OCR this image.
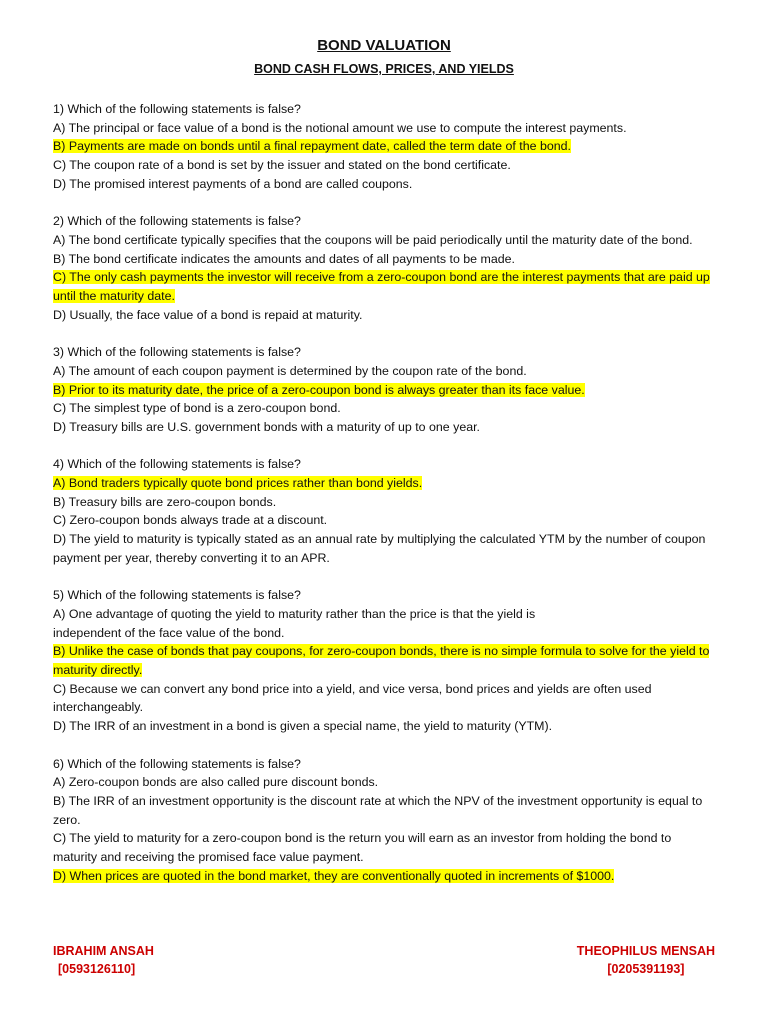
BOND VALUATION
BOND CASH FLOWS, PRICES, AND YIELDS

1) Which of the following statements is false?

A) The principal or face value of a bond is the notional amount we use to compute the interest payments.

B) Payments are made on bonds until a final repayment date, called the term date of the bond.

C) The coupon rate of a bond is set by the issuer and stated on the bond certificate.

D) The promised interest payments of a bond are called coupons.

2) Which of the following statements is false?

A) The bond certificate typically specifies that the coupons will be paid periodically until the maturity date of the bond.

B) The bond certificate indicates the amounts and dates of all payments to be made.

C) The only cash payments the investor will receive from a zero-coupon bond are the interest payments that are paid up until the maturity date.

D) Usually, the face value of a bond is repaid at maturity.

3) Which of the following statements is false?

A) The amount of each coupon payment is determined by the coupon rate of the bond.

B) Prior to its maturity date, the price of a zero-coupon bond is always greater than its face value.

C) The simplest type of bond is a zero-coupon bond.

D) Treasury bills are U.S. government bonds with a maturity of up to one year.

4) Which of the following statements is false?

A) Bond traders typically quote bond prices rather than bond yields.

B) Treasury bills are zero-coupon bonds.

C) Zero-coupon bonds always trade at a discount.

D) The yield to maturity is typically stated as an annual rate by multiplying the calculated YTM by the number of coupon payment per year, thereby converting it to an APR.

5) Which of the following statements is false?

A) One advantage of quoting the yield to maturity rather than the price is that the yield is

independent of the face value of the bond.

B) Unlike the case of bonds that pay coupons, for zero-coupon bonds, there is no simple formula to solve for the yield to maturity directly.

C) Because we can convert any bond price into a yield, and vice versa, bond prices and yields are often used interchangeably.

D) The IRR of an investment in a bond is given a special name, the yield to maturity (YTM).

6) Which of the following statements is false?

A) Zero-coupon bonds are also called pure discount bonds.

B) The IRR of an investment opportunity is the discount rate at which the NPV of the investment opportunity is equal to zero.

C) The yield to maturity for a zero-coupon bond is the return you will earn as an investor from holding the bond to maturity and receiving the promised face value payment.

D) When prices are quoted in the bond market, they are conventionally quoted in increments of $1000.

IBRAHIM ANSAH
[0593126110]
THEOPHILUS MENSAH
[0205391193]
